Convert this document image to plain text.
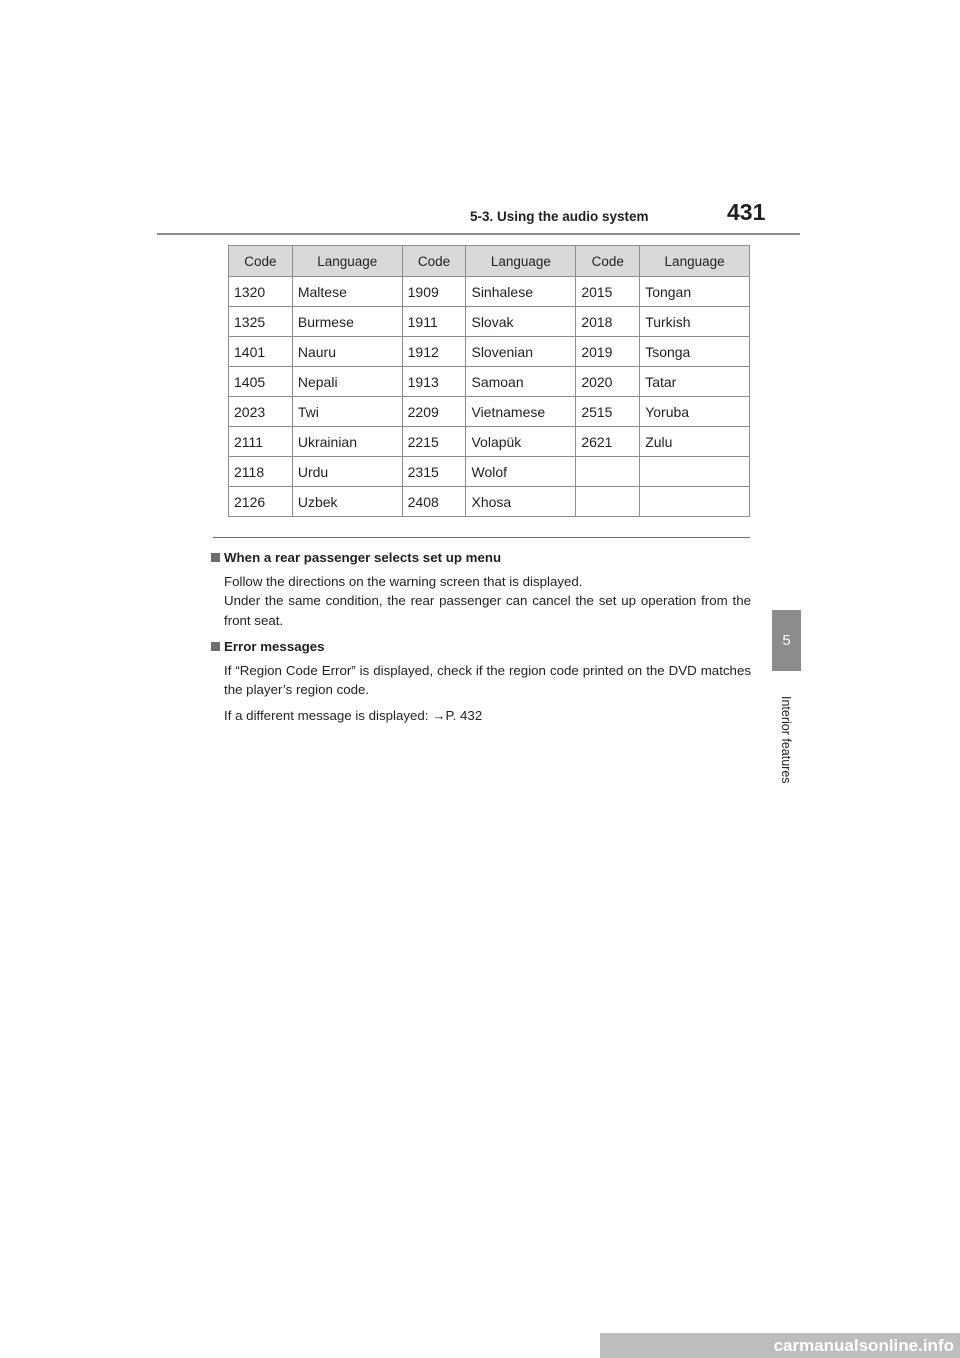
5-3. Using the audio system	431
5
Interior features
Code	Language	Code	Language	Code	Language
1320	Maltese	1909	Sinhalese	2015	Tongan
1325	Burmese	1911	Slovak	2018	Turkish
1401	Nauru	1912	Slovenian	2019	Tsonga
1405	Nepali	1913	Samoan	2020	Tatar
2023	Twi	2209	Vietnamese	2515	Yoruba
2111	Ukrainian	2215	Volapük	2621	Zulu
2118	Urdu	2315	Wolof		
2126	Uzbek	2408	Xhosa		

When a rear passenger selects set up menu

Follow the directions on the warning screen that is displayed.

Under the same condition, the rear passenger can cancel the set up operation from the front seat.

Error messages

If “Region Code Error” is displayed, check if the region code printed on the DVD matches the player’s region code.

If a different message is displayed: →P. 432
carmanualsonline.info
